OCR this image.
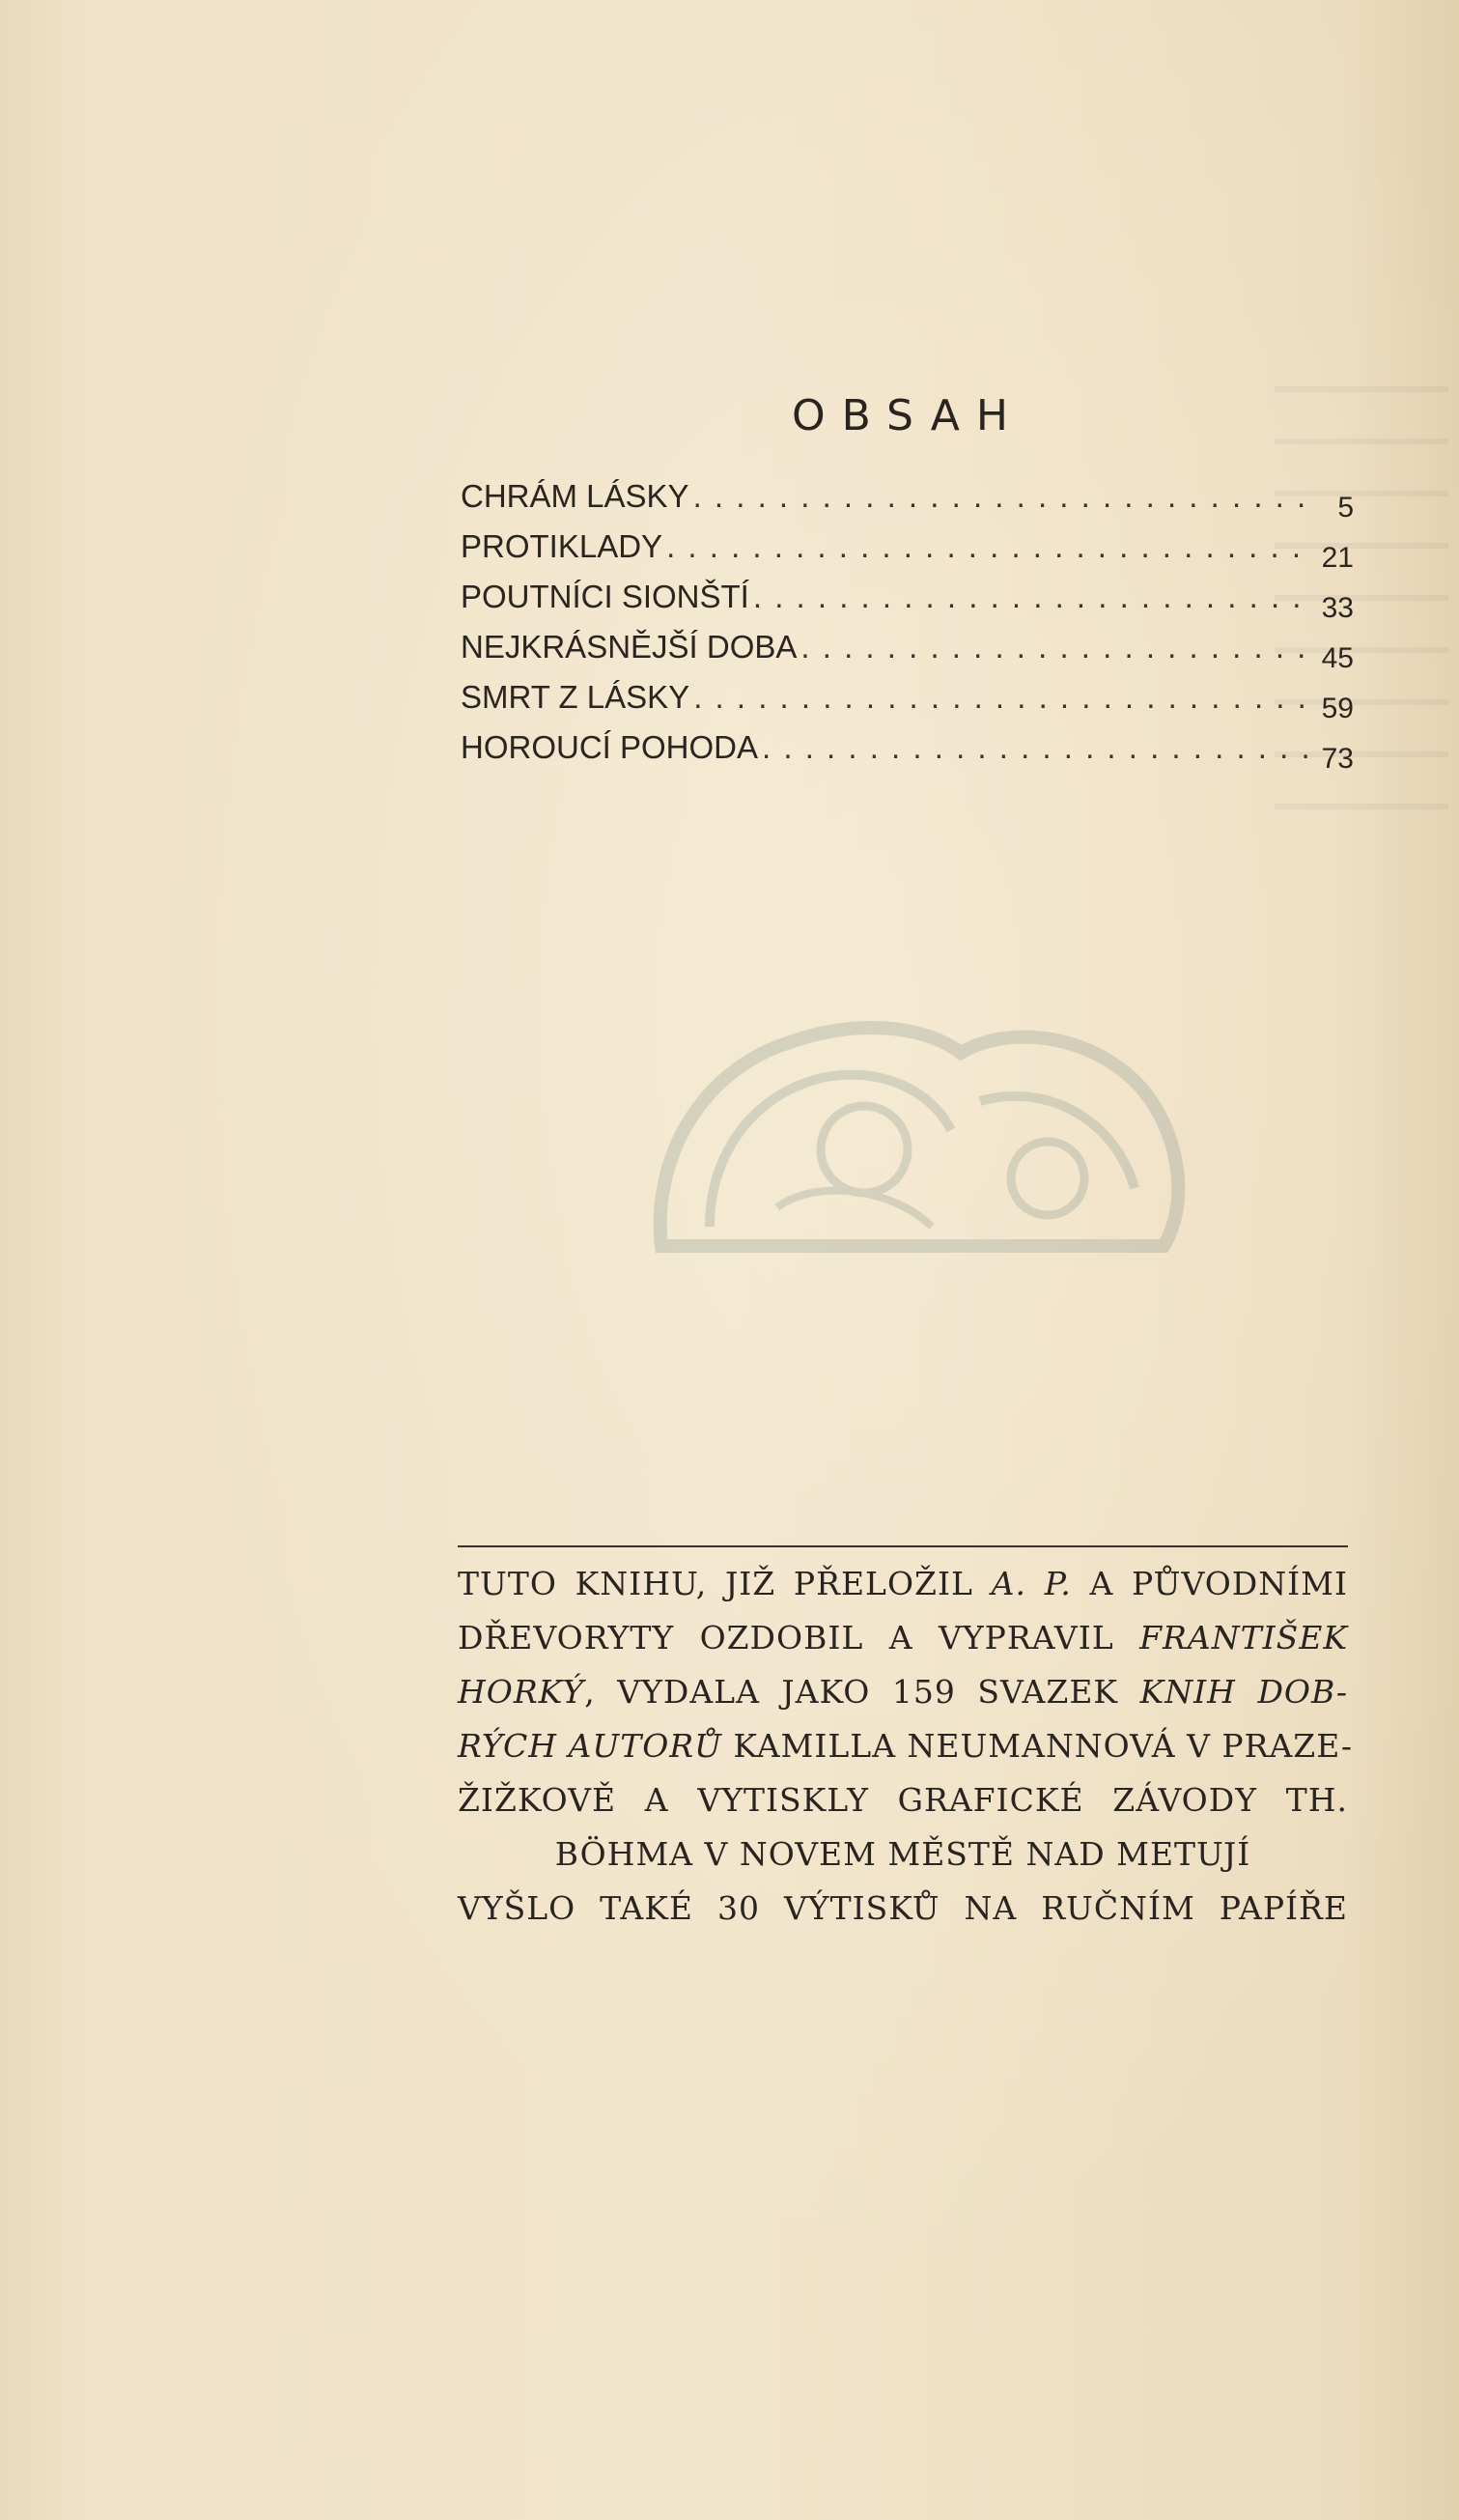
OBSAH
CHRÁM LÁSKY . . .	5
PROTIKLADY . . .	21
POUTNÍCI SIONŠTÍ . . .	33
NEJKRÁSNĚJŠÍ DOBA . . .	45
SMRT Z LÁSKY . . .	59
HOROUCÍ POHODA . . .	73
TUTO KNIHU, JIŽ PŘELOŽIL A. P. A PŮVODNÍMI
DŘEVORYTY OZDOBIL A VYPRAVIL FRANTIŠEK
HORKÝ, VYDALA JAKO 159 SVAZEK KNIH DOB-
RÝCH AUTORŮ KAMILLA NEUMANNOVÁ V PRAZE-
ŽIŽKOVĚ A VYTISKLY GRAFICKÉ ZÁVODY TH.
BÖHMA V NOVEM MĚSTĚ NAD METUJÍ
VYŠLO TAKÉ 30 VÝTISKŮ NA RUČNÍM PAPÍŘE
